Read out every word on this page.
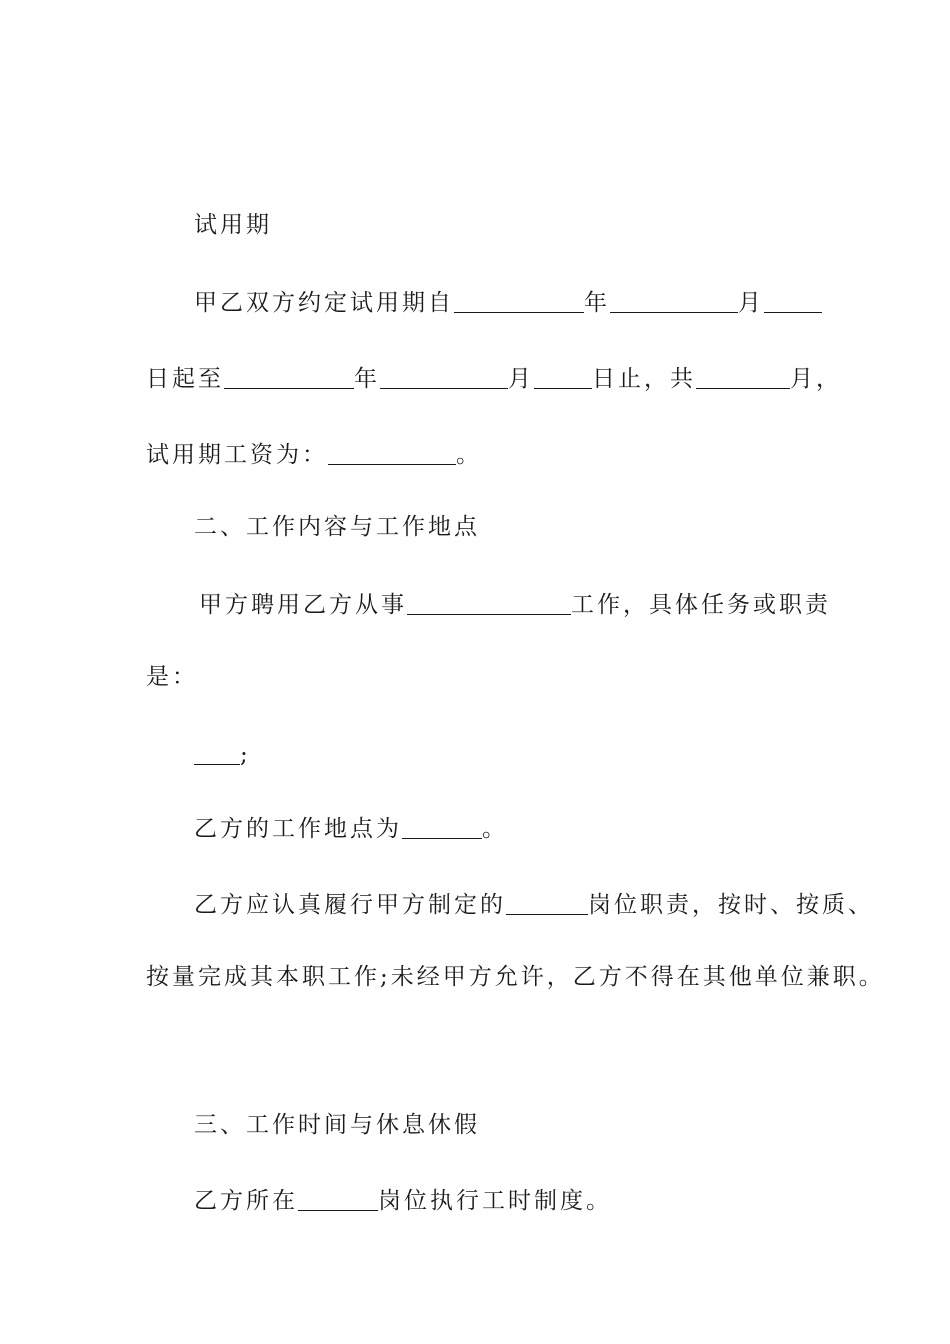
试用期
甲乙双方约定试用期自	年	月
日起至	年	月	日止，共	月，
试用期工资为：	。
二、工作内容与工作地点
甲方聘用乙方从事	工作，具体任务或职责
是：
;
乙方的工作地点为	。
乙方应认真履行甲方制定的	岗位职责，按时、按质、
按量完成其本职工作;未经甲方允许，乙方不得在其他单位兼职。
三、工作时间与休息休假
乙方所在	岗位执行工时制度。
